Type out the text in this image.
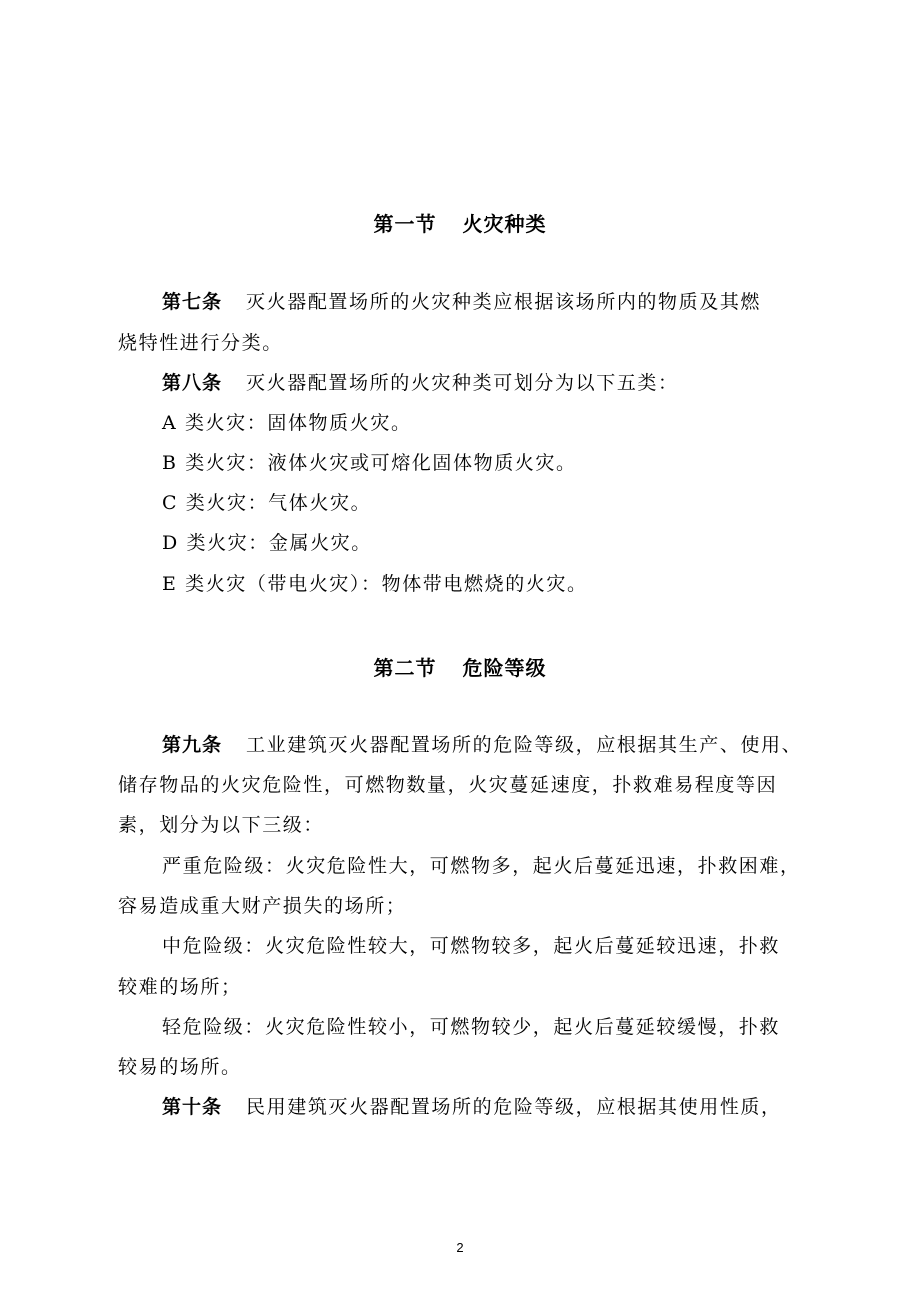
第一节 火灾种类
第七条 灭火器配置场所的火灾种类应根据该场所内的物质及其燃
烧特性进行分类。
第八条 灭火器配置场所的火灾种类可划分为以下五类：
A 类火灾：固体物质火灾。
B 类火灾：液体火灾或可熔化固体物质火灾。
C 类火灾：气体火灾。
D 类火灾：金属火灾。
E 类火灾（带电火灾）：物体带电燃烧的火灾。
第二节 危险等级
第九条 工业建筑灭火器配置场所的危险等级，应根据其生产、使用、
储存物品的火灾危险性，可燃物数量，火灾蔓延速度，扑救难易程度等因
素，划分为以下三级：
严重危险级：火灾危险性大，可燃物多，起火后蔓延迅速，扑救困难，
容易造成重大财产损失的场所；
中危险级：火灾危险性较大，可燃物较多，起火后蔓延较迅速，扑救
较难的场所；
轻危险级：火灾危险性较小，可燃物较少，起火后蔓延较缓慢，扑救
较易的场所。
第十条 民用建筑灭火器配置场所的危险等级，应根据其使用性质，
2
